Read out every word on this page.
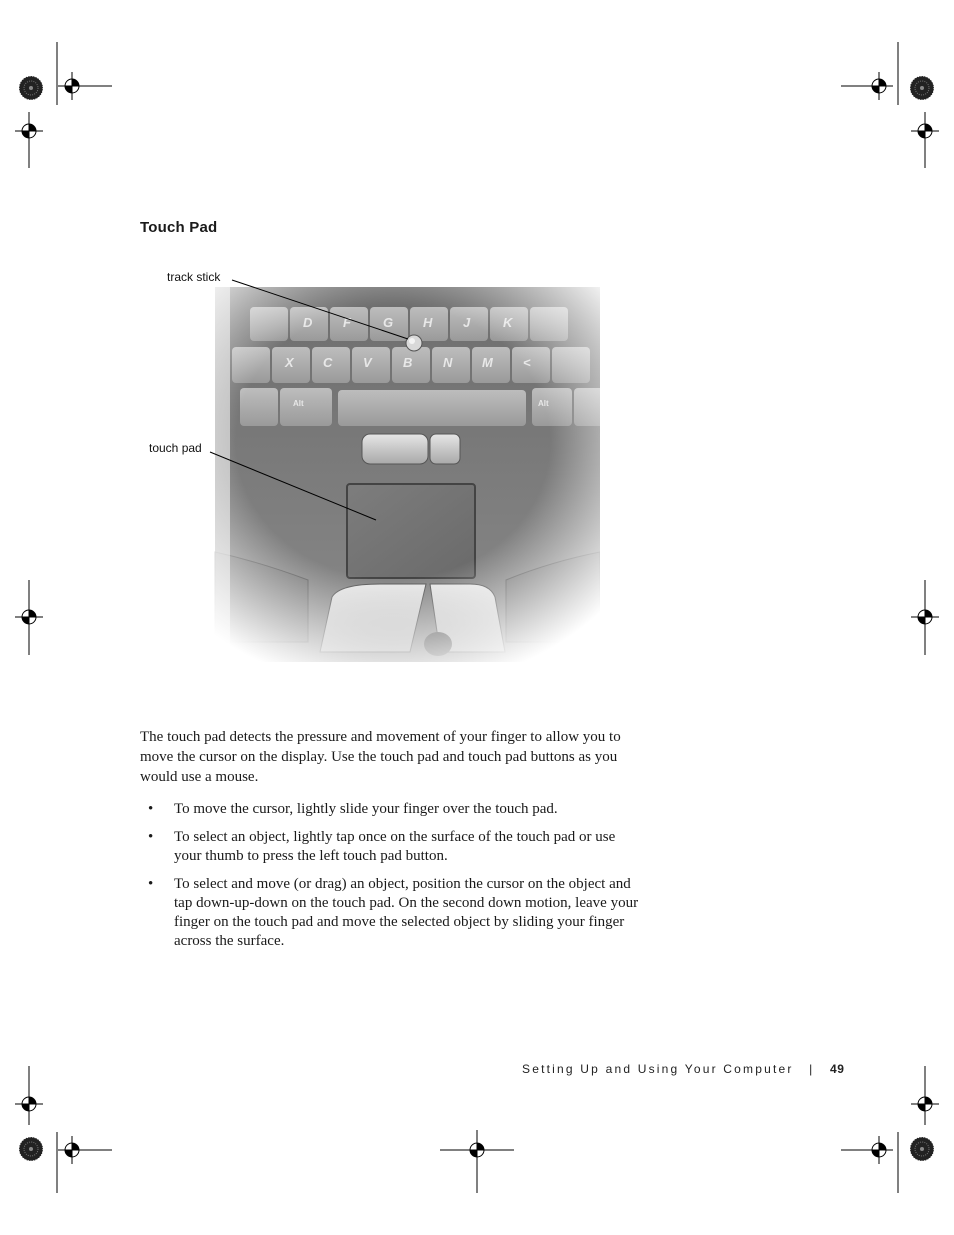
Touch Pad
track stick
touch pad

The touch pad detects the pressure and movement of your finger to allow you to move the cursor on the display. Use the touch pad and touch pad buttons as you would use a mouse.

• To move the cursor, lightly slide your finger over the touch pad.
• To select an object, lightly tap once on the surface of the touch pad or use your thumb to press the left touch pad button.
• To select and move (or drag) an object, position the cursor on the object and tap down-up-down on the touch pad. On the second down motion, leave your finger on the touch pad and move the selected object by sliding your finger across the surface.
Setting Up and Using Your Computer | 49
